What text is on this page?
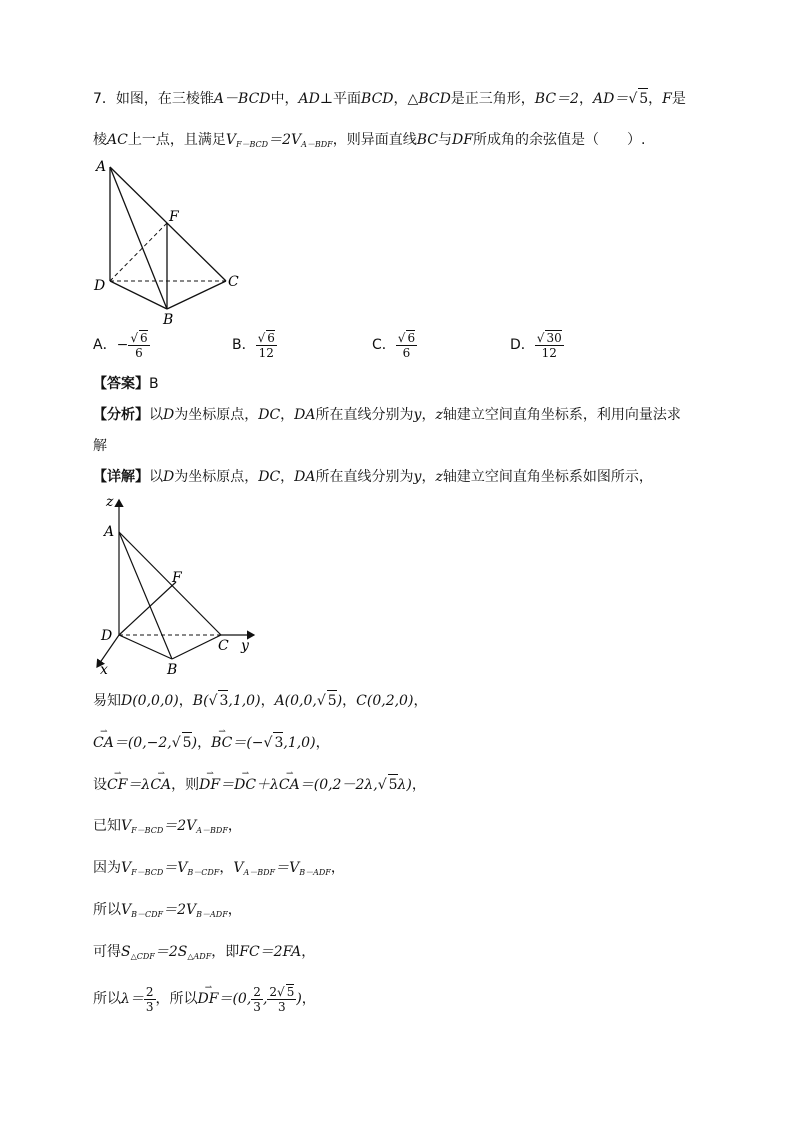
7．如图，在三棱锥A－BCD中，AD⊥平面BCD，△BCD是正三角形，BC＝2，AD＝√ 5，F是
棱AC上一点，且满足$V_{F-BCD}=2V_{A-BDF}$，则异面直线BC与DF所成角的余弦值是（　　）.
A
F
D	C
B
A．− $\frac{√ 6}{6}$	B． $\frac{√ 6}{12}$	C． $\frac{√ 6}{6}$	D． $\frac{√ 30}{12}$
【答案】B
【分析】以D为坐标原点，DC，DA所在直线分别为y，z轴建立空间直角坐标系，利用向量法求
解
【详解】以D为坐标原点，DC，DA所在直线分别为y，z轴建立空间直角坐标系如图所示，
z
A
F
D
C y
B
x
易知D(0,0,0)，B(√ 3,1,0)，A(0,0,√ 5)，C(0,2,0)，
⇀ CA＝(0,−2,√ 5)，⇀ BC＝(−√ 3,1,0)，
设⇀ CF＝λ⇀ CA，则⇀ DF＝⇀ DC＋λ⇀ CA＝(0,2－2λ,√ 5λ)，
已知$V_{F-BCD}=2V_{A-BDF}$，
因为$V_{F-BCD}=V_{B-CDF}$，$V_{A-BDF}=V_{B-ADF}$，
所以$V_{B-CDF}=2V_{B-ADF}$，
可得$S_{\triangle CDF}=2S_{\triangle ADF}$，即FC＝2FA，
所以$\lambda= \frac{2}{3}$ ，所以⇀ DF＝(0, $\frac{2}{3}$ , $\frac{2√ 5}{3}$ )，
